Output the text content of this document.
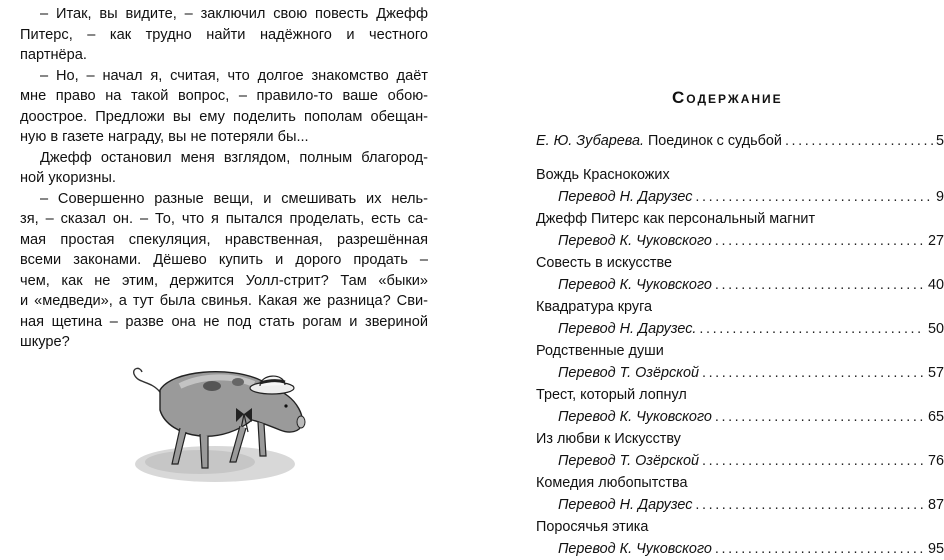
– Итак, вы видите, – заключил свою повесть Джефф
Питерс, – как трудно найти надёжного и честного
партнёра.

– Но, – начал я, считая, что долгое знакомство даёт
мне право на такой вопрос, – правило-то ваше обою-
доострое. Предложи вы ему поделить пополам обещан-
ную в газете награду, вы не потеряли бы...

Джефф остановил меня взглядом, полным благород-
ной укоризны.

– Совершенно разные вещи, и смешивать их нель-
зя, – сказал он. – То, что я пытался проделать, есть са-
мая простая спекуляция, нравственная, разрешённая
всеми законами. Дёшево купить и дорого продать –
чем, как не этим, держится Уолл-стрит? Там «быки»
и «медведи», а тут была свинья. Какая же разница? Сви-
ная щетина – разве она не под стать рогам и звериной
шкуре?

Содержание
Е. Ю. Зубарева.
Поединок с судьбой .....	5
Вождь Краснокожих
Перевод Н. Дарузес .....	9
Джефф Питерс как персональный магнит
Перевод К. Чуковского .....	27
Совесть в искусстве
Перевод К. Чуковского .....	40
Квадратура круга
Перевод Н. Дарузес. .....	50
Родственные души
Перевод Т. Озёрской .....	57
Трест, который лопнул
Перевод К. Чуковского .....	65
Из любви к Искусству
Перевод Т. Озёрской .....	76
Комедия любопытства
Перевод Н. Дарузес .....	87
Поросячья этика
Перевод К. Чуковского .....	95
